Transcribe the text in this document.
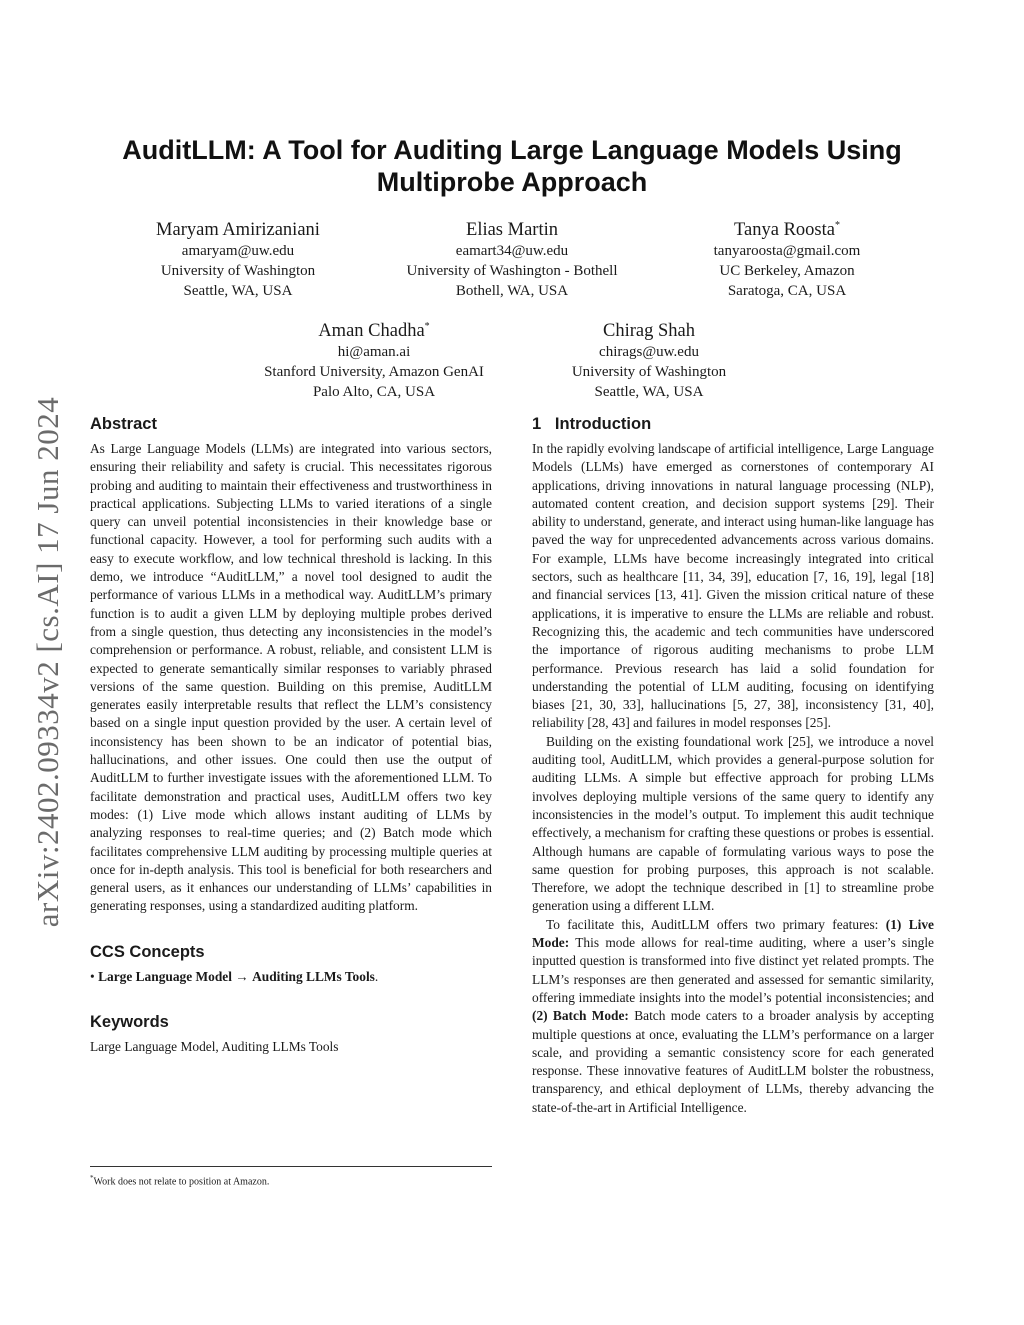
arXiv:2402.09334v2 [cs.AI] 17 Jun 2024
AuditLLM: A Tool for Auditing Large Language Models Using
Multiprobe Approach
Maryam Amirizaniani
amaryam@uw.edu
University of Washington
Seattle, WA, USA
Elias Martin
eamart34@uw.edu
University of Washington - Bothell
Bothell, WA, USA
Tanya Roosta*
tanyaroosta@gmail.com
UC Berkeley, Amazon
Saratoga, CA, USA
Aman Chadha*
hi@aman.ai
Stanford University, Amazon GenAI
Palo Alto, CA, USA
Chirag Shah
chirags@uw.edu
University of Washington
Seattle, WA, USA
Abstract

As Large Language Models (LLMs) are integrated into various sectors, ensuring their reliability and safety is crucial. This necessitates rigorous probing and auditing to maintain their effectiveness and trustworthiness in practical applications. Subjecting LLMs to varied iterations of a single query can unveil potential inconsistencies in their knowledge base or functional capacity. However, a tool for performing such audits with a easy to execute workflow, and low technical threshold is lacking. In this demo, we introduce “AuditLLM,” a novel tool designed to audit the performance of various LLMs in a methodical way. AuditLLM’s primary function is to audit a given LLM by deploying multiple probes derived from a single question, thus detecting any inconsistencies in the model’s comprehension or performance. A robust, reliable, and consistent LLM is expected to generate semantically similar responses to variably phrased versions of the same question. Building on this premise, AuditLLM generates easily interpretable results that reflect the LLM’s consistency based on a single input question provided by the user. A certain level of inconsistency has been shown to be an indicator of potential bias, hallucinations, and other issues. One could then use the output of AuditLLM to further investigate issues with the aforementioned LLM. To facilitate demonstration and practical uses, AuditLLM offers two key modes: (1) Live mode which allows instant auditing of LLMs by analyzing responses to real-time queries; and (2) Batch mode which facilitates comprehensive LLM auditing by processing multiple queries at once for in-depth analysis. This tool is beneficial for both researchers and general users, as it enhances our understanding of LLMs’ capabilities in generating responses, using a standardized auditing platform.

CCS Concepts
• Large Language Model → Auditing LLMs Tools.
Keywords

Large Language Model, Auditing LLMs Tools

*Work does not relate to position at Amazon.
1   Introduction

In the rapidly evolving landscape of artificial intelligence, Large Language Models (LLMs) have emerged as cornerstones of contemporary AI applications, driving innovations in natural language processing (NLP), automated content creation, and decision support systems [29]. Their ability to understand, generate, and interact using human-like language has paved the way for unprecedented advancements across various domains. For example, LLMs have become increasingly integrated into critical sectors, such as healthcare [11, 34, 39], education [7, 16, 19], legal [18] and financial services [13, 41]. Given the mission critical nature of these applications, it is imperative to ensure the LLMs are reliable and robust. Recognizing this, the academic and tech communities have underscored the importance of rigorous auditing mechanisms to probe LLM performance. Previous research has laid a solid foundation for understanding the potential of LLM auditing, focusing on identifying biases [21, 30, 33], hallucinations [5, 27, 38], inconsistency [31, 40], reliability [28, 43] and failures in model responses [25].

Building on the existing foundational work [25], we introduce a novel auditing tool, AuditLLM, which provides a general-purpose solution for auditing LLMs. A simple but effective approach for probing LLMs involves deploying multiple versions of the same query to identify any inconsistencies in the model’s output. To implement this audit technique effectively, a mechanism for crafting these questions or probes is essential. Although humans are capable of formulating various ways to pose the same question for probing purposes, this approach is not scalable. Therefore, we adopt the technique described in [1] to streamline probe generation using a different LLM.

To facilitate this, AuditLLM offers two primary features: (1) Live Mode: This mode allows for real-time auditing, where a user’s single inputted question is transformed into five distinct yet related prompts. The LLM’s responses are then generated and assessed for semantic similarity, offering immediate insights into the model’s potential inconsistencies; and (2) Batch Mode: Batch mode caters to a broader analysis by accepting multiple questions at once, evaluating the LLM’s performance on a larger scale, and providing a semantic consistency score for each generated response. These innovative features of AuditLLM bolster the robustness, transparency, and ethical deployment of LLMs, thereby advancing the state-of-the-art in Artificial Intelligence.
